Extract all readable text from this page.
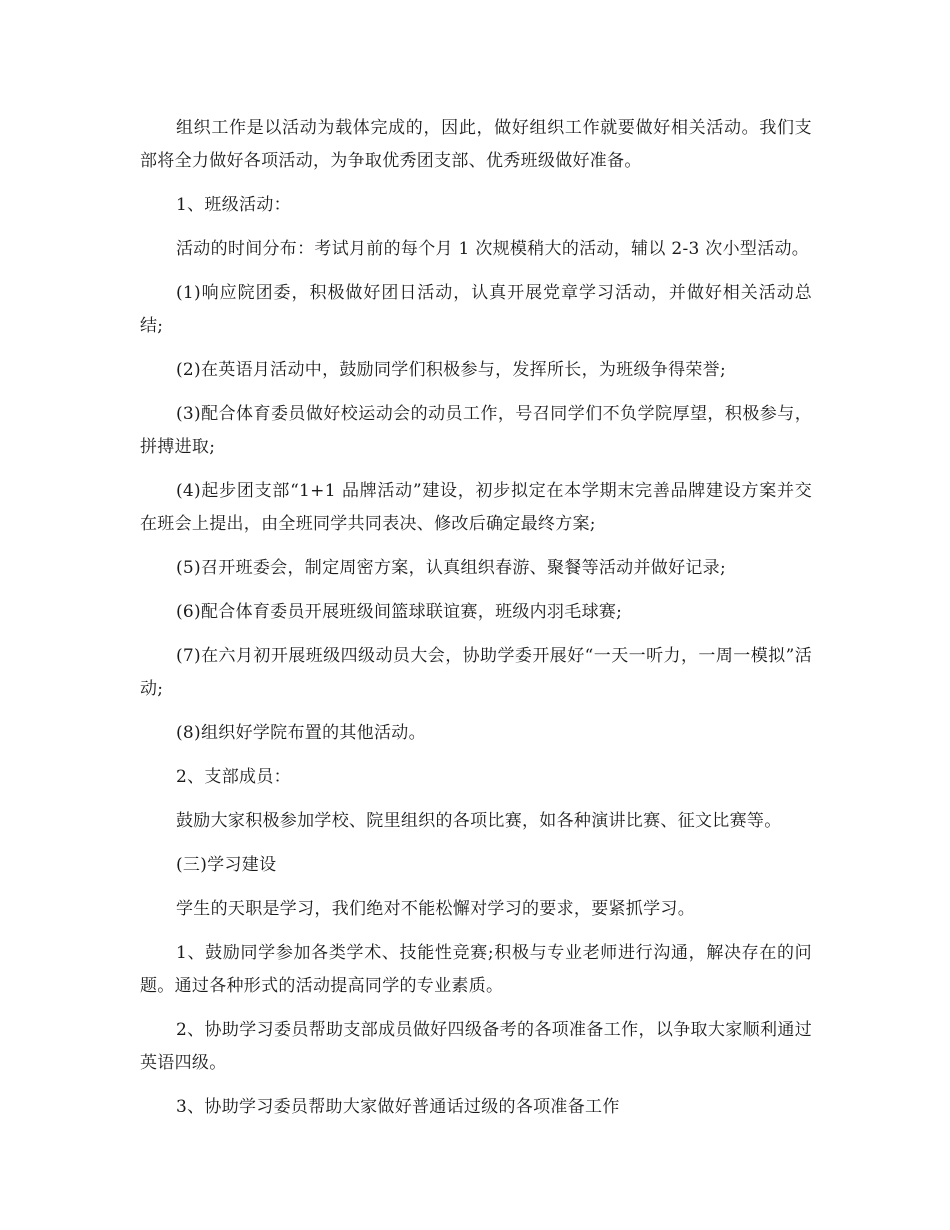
组织工作是以活动为载体完成的，因此，做好组织工作就要做好相关活动。我们支部将全力做好各项活动，为争取优秀团支部、优秀班级做好准备。

1、班级活动：

活动的时间分布：考试月前的每个月 1 次规模稍大的活动，辅以 2-3 次小型活动。

(1)响应院团委，积极做好团日活动，认真开展党章学习活动，并做好相关活动总结;

(2)在英语月活动中，鼓励同学们积极参与，发挥所长，为班级争得荣誉;

(3)配合体育委员做好校运动会的动员工作，号召同学们不负学院厚望，积极参与，拼搏进取;

(4)起步团支部“1+1 品牌活动”建设，初步拟定在本学期末完善品牌建设方案并交在班会上提出，由全班同学共同表决、修改后确定最终方案;

(5)召开班委会，制定周密方案，认真组织春游、聚餐等活动并做好记录;

(6)配合体育委员开展班级间篮球联谊赛，班级内羽毛球赛;

(7)在六月初开展班级四级动员大会，协助学委开展好“一天一听力，一周一模拟”活动;

(8)组织好学院布置的其他活动。

2、支部成员：

鼓励大家积极参加学校、院里组织的各项比赛，如各种演讲比赛、征文比赛等。

(三)学习建设

学生的天职是学习，我们绝对不能松懈对学习的要求，要紧抓学习。

1、鼓励同学参加各类学术、技能性竞赛;积极与专业老师进行沟通，解决存在的问题。通过各种形式的活动提高同学的专业素质。

2、协助学习委员帮助支部成员做好四级备考的各项准备工作，以争取大家顺利通过英语四级。

3、协助学习委员帮助大家做好普通话过级的各项准备工作
